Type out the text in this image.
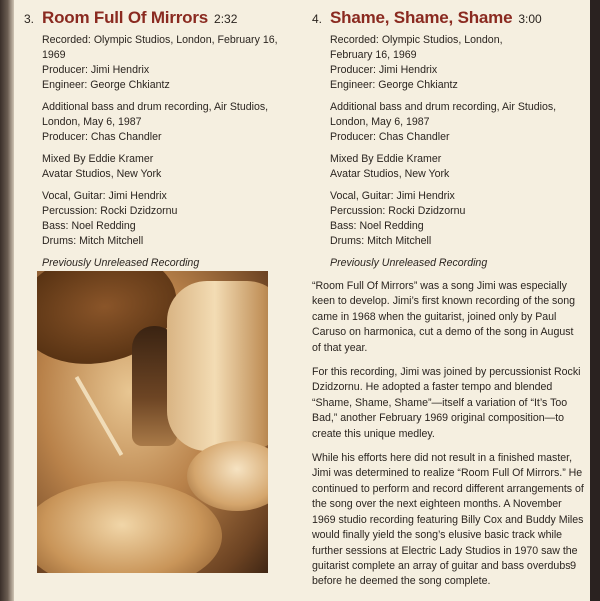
3. Room Full Of Mirrors 2:32
Recorded: Olympic Studios, London, February 16, 1969
Producer: Jimi Hendrix
Engineer: George Chkiantz
Additional bass and drum recording, Air Studios,
London, May 6, 1987
Producer: Chas Chandler
Mixed By Eddie Kramer
Avatar Studios, New York
Vocal, Guitar: Jimi Hendrix
Percussion: Rocki Dzidzornu
Bass: Noel Redding
Drums: Mitch Mitchell
Previously Unreleased Recording
4. Shame, Shame, Shame 3:00
Recorded: Olympic Studios, London,
February 16, 1969
Producer: Jimi Hendrix
Engineer: George Chkiantz
Additional bass and drum recording, Air Studios,
London, May 6, 1987
Producer: Chas Chandler
Mixed By Eddie Kramer
Avatar Studios, New York
Vocal, Guitar: Jimi Hendrix
Percussion: Rocki Dzidzornu
Bass: Noel Redding
Drums: Mitch Mitchell
Previously Unreleased Recording

“Room Full Of Mirrors” was a song Jimi was especially keen to develop. Jimi’s first known recording of the song came in 1968 when the guitarist, joined only by Paul Caruso on harmonica, cut a demo of the song in August of that year.

For this recording, Jimi was joined by percussionist Rocki Dzidzornu. He adopted a faster tempo and blended “Shame, Shame, Shame”—itself a variation of “It’s Too Bad,” another February 1969 original composition—to create this unique medley.

While his efforts here did not result in a finished master, Jimi was determined to realize “Room Full Of Mirrors.” He continued to perform and record different arrangements of the song over the next eighteen months. A November 1969 studio recording featuring Billy Cox and Buddy Miles would finally yield the song’s elusive basic track while further sessions at Electric Lady Studios in 1970 saw the guitarist complete an array of guitar and bass overdubs before he deemed the song complete.

9
